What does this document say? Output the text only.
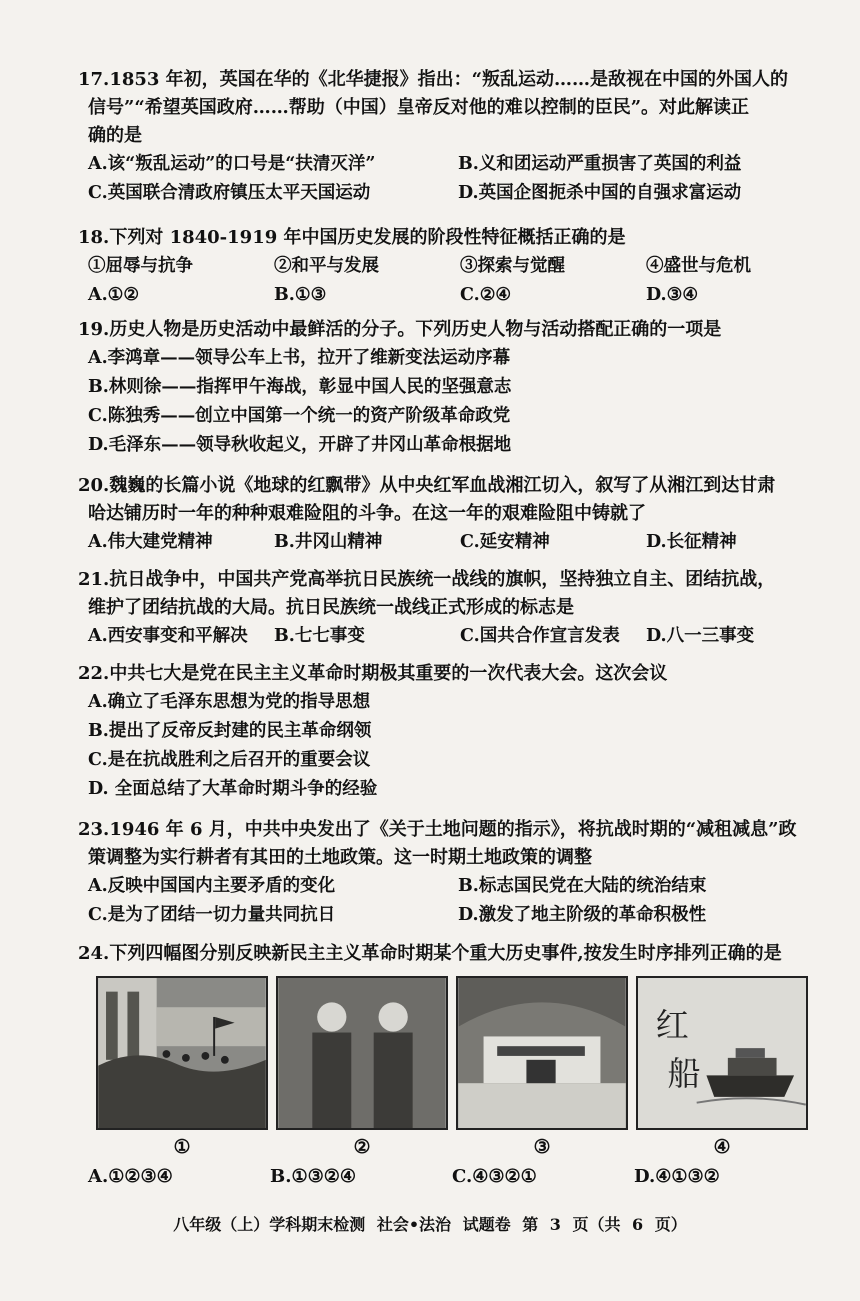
17.1853 年初，英国在华的《北华捷报》指出：“叛乱运动……是敌视在中国的外国人的
信号”“希望英国政府……帮助（中国）皇帝反对他的难以控制的臣民”。对此解读正
确的是
A.该“叛乱运动”的口号是“扶清灭洋”	B.义和团运动严重损害了英国的利益
C.英国联合清政府镇压太平天国运动	D.英国企图扼杀中国的自强求富运动
18.下列对 1840-1919 年中国历史发展的阶段性特征概括正确的是
①屈辱与抗争	②和平与发展	③探索与觉醒	④盛世与危机
A.①②	B.①③	C.②④	D.③④
19.历史人物是历史活动中最鲜活的分子。下列历史人物与活动搭配正确的一项是
A.李鸿章——领导公车上书，拉开了维新变法运动序幕
B.林则徐——指挥甲午海战，彰显中国人民的坚强意志
C.陈独秀——创立中国第一个统一的资产阶级革命政党
D.毛泽东——领导秋收起义，开辟了井冈山革命根据地
20.魏巍的长篇小说《地球的红飘带》从中央红军血战湘江切入，叙写了从湘江到达甘肃
哈达铺历时一年的种种艰难险阻的斗争。在这一年的艰难险阻中铸就了
A.伟大建党精神	B.井冈山精神	C.延安精神	D.长征精神
21.抗日战争中，中国共产党高举抗日民族统一战线的旗帜，坚持独立自主、团结抗战，
维护了团结抗战的大局。抗日民族统一战线正式形成的标志是
A.西安事变和平解决	B.七七事变	C.国共合作宣言发表	D.八一三事变
22.中共七大是党在民主主义革命时期极其重要的一次代表大会。这次会议
A.确立了毛泽东思想为党的指导思想
B.提出了反帝反封建的民主革命纲领
C.是在抗战胜利之后召开的重要会议
D. 全面总结了大革命时期斗争的经验
23.1946 年 6 月，中共中央发出了《关于土地问题的指示》，将抗战时期的“减租减息”政
策调整为实行耕者有其田的土地政策。这一时期土地政策的调整
A.反映中国国内主要矛盾的变化	B.标志国民党在大陆的统治结束
C.是为了团结一切力量共同抗日	D.激发了地主阶级的革命积极性
24.下列四幅图分别反映新民主主义革命时期某个重大历史事件,按发生时序排列正确的是
红
船
①	②	③	④
A.①②③④	B.①③②④	C.④③②①	D.④①③②
八年级（上）学科期末检测 社会•法治 试题卷 第 3 页（共 6 页）
